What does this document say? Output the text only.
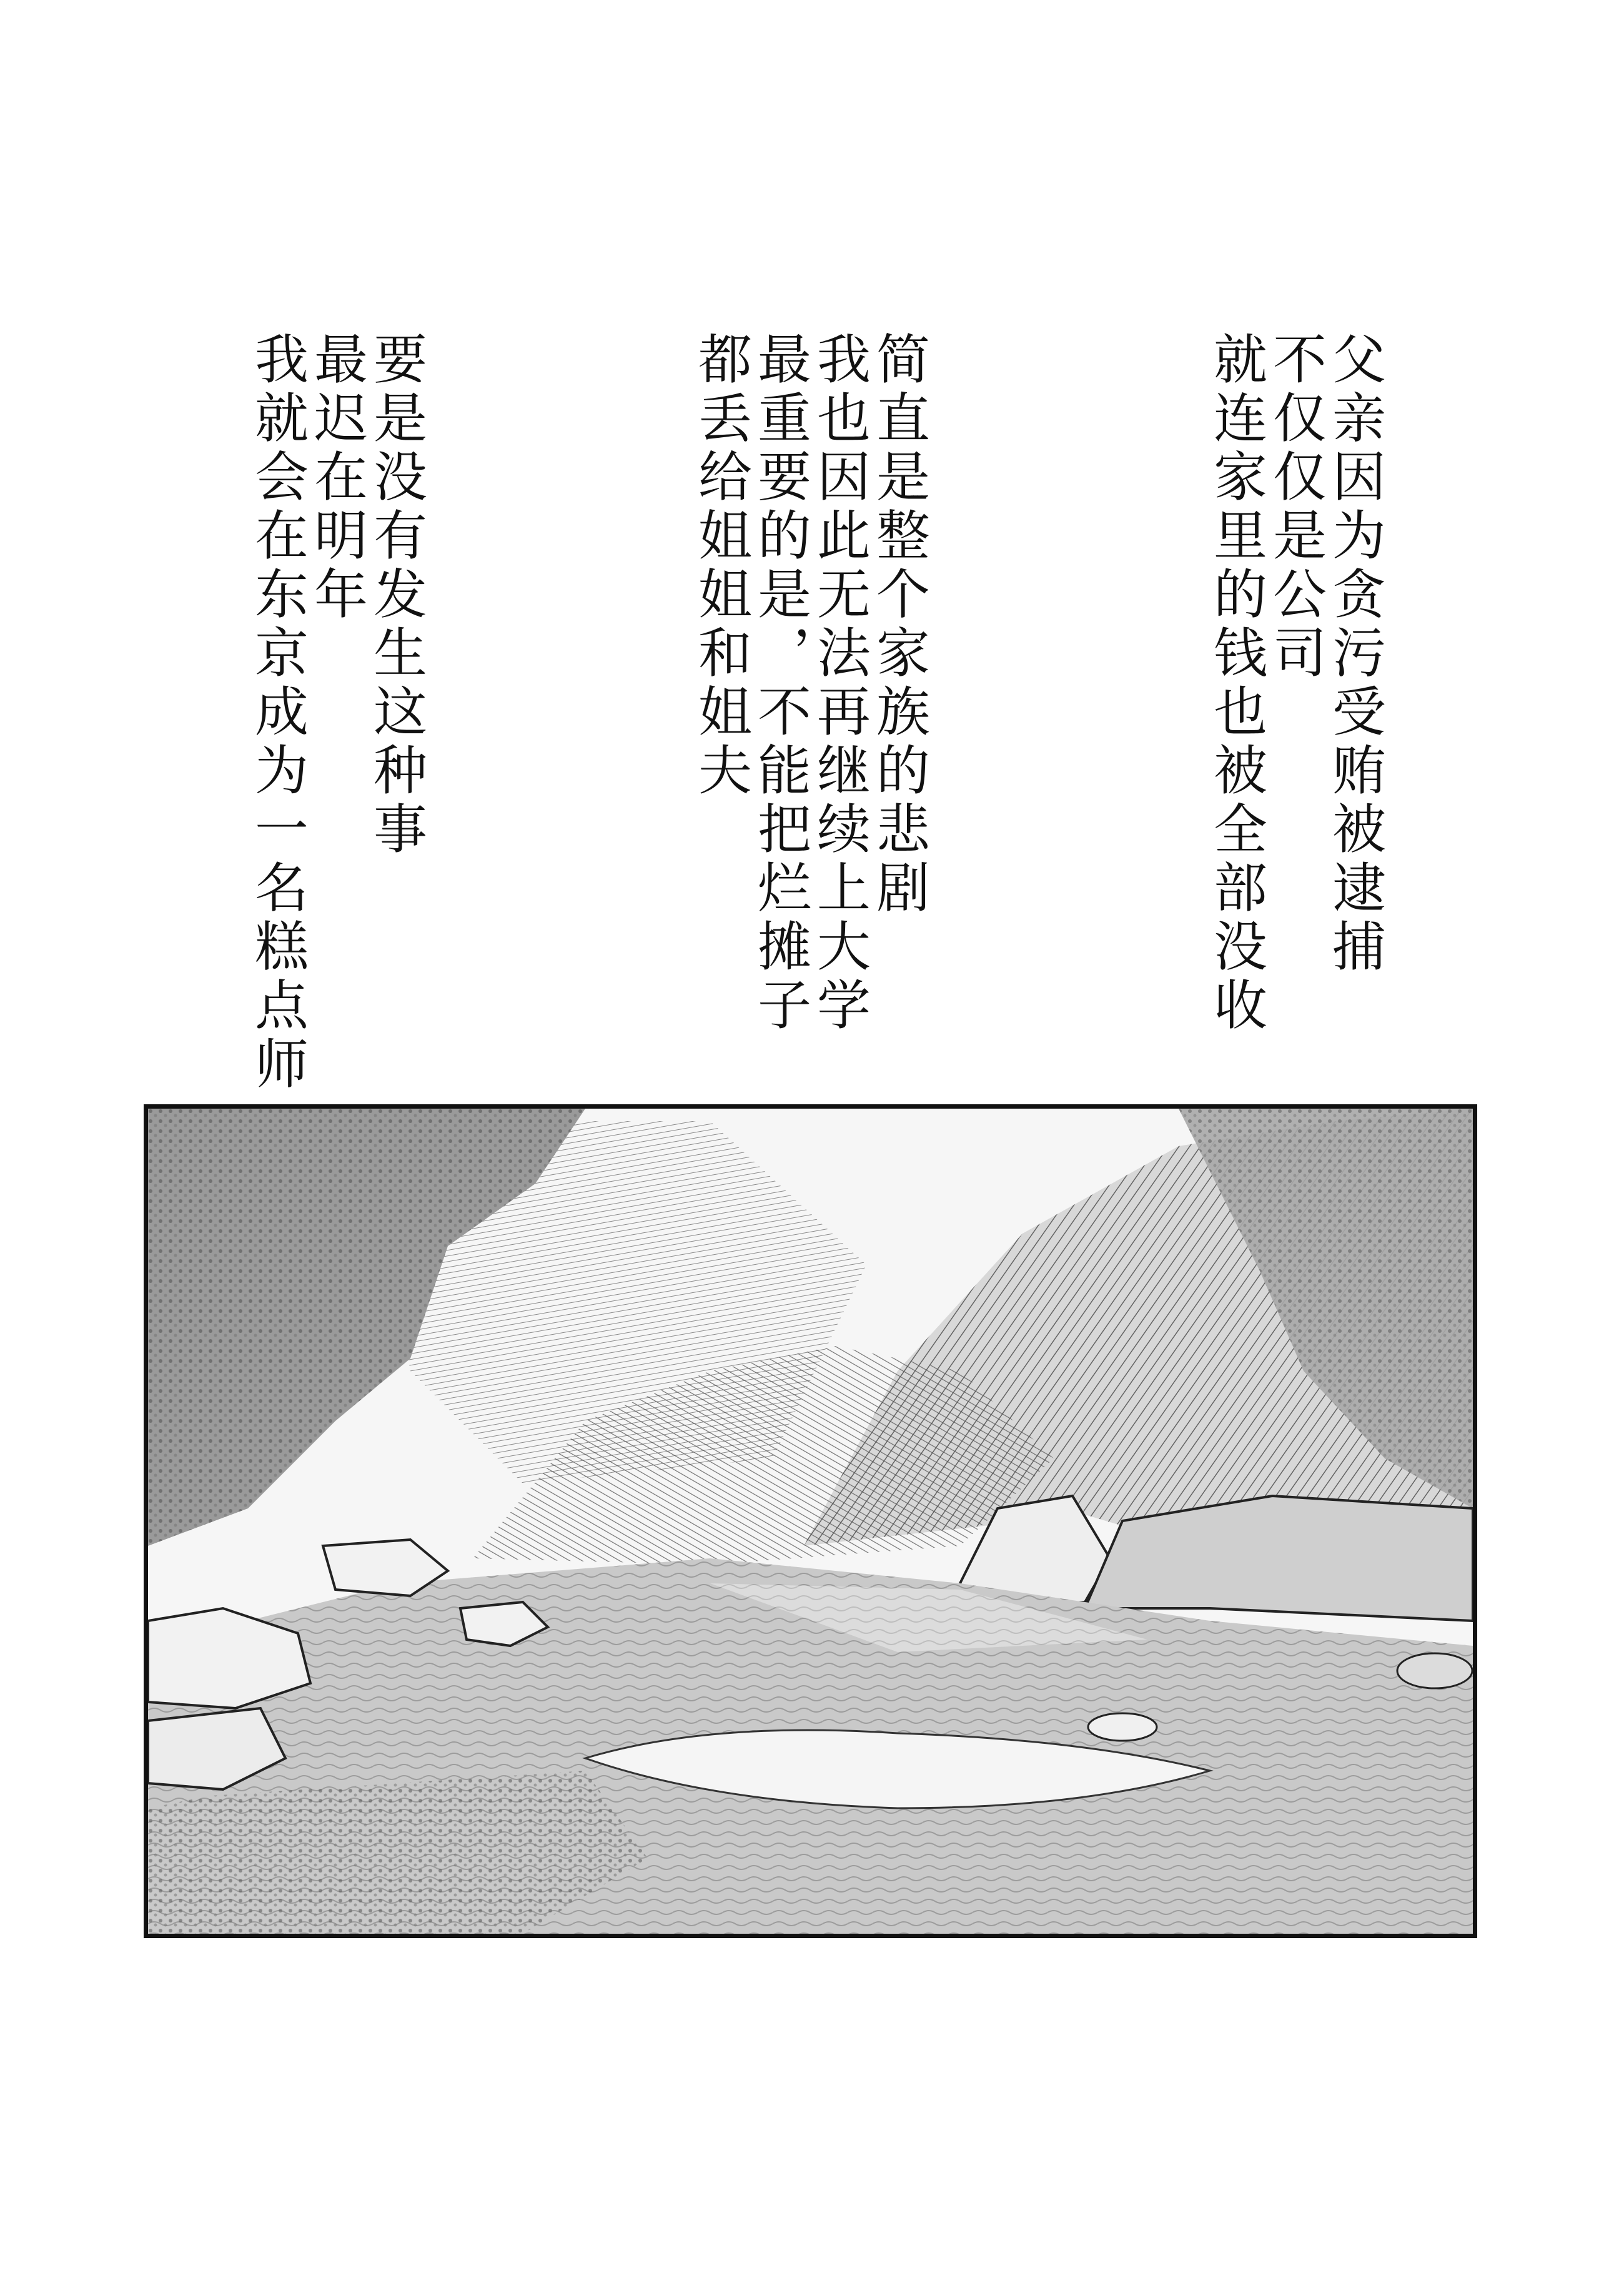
父亲因为贪污受贿被逮捕
不仅仅是公司
就连家里的钱也被全部没收
简直是整个家族的悲剧
我也因此无法再继续上大学
最重要的是，不能把烂摊子
都丢给姐姐和姐夫
要是没有发生这种事
最迟在明年
我就会在东京成为一名糕点师
